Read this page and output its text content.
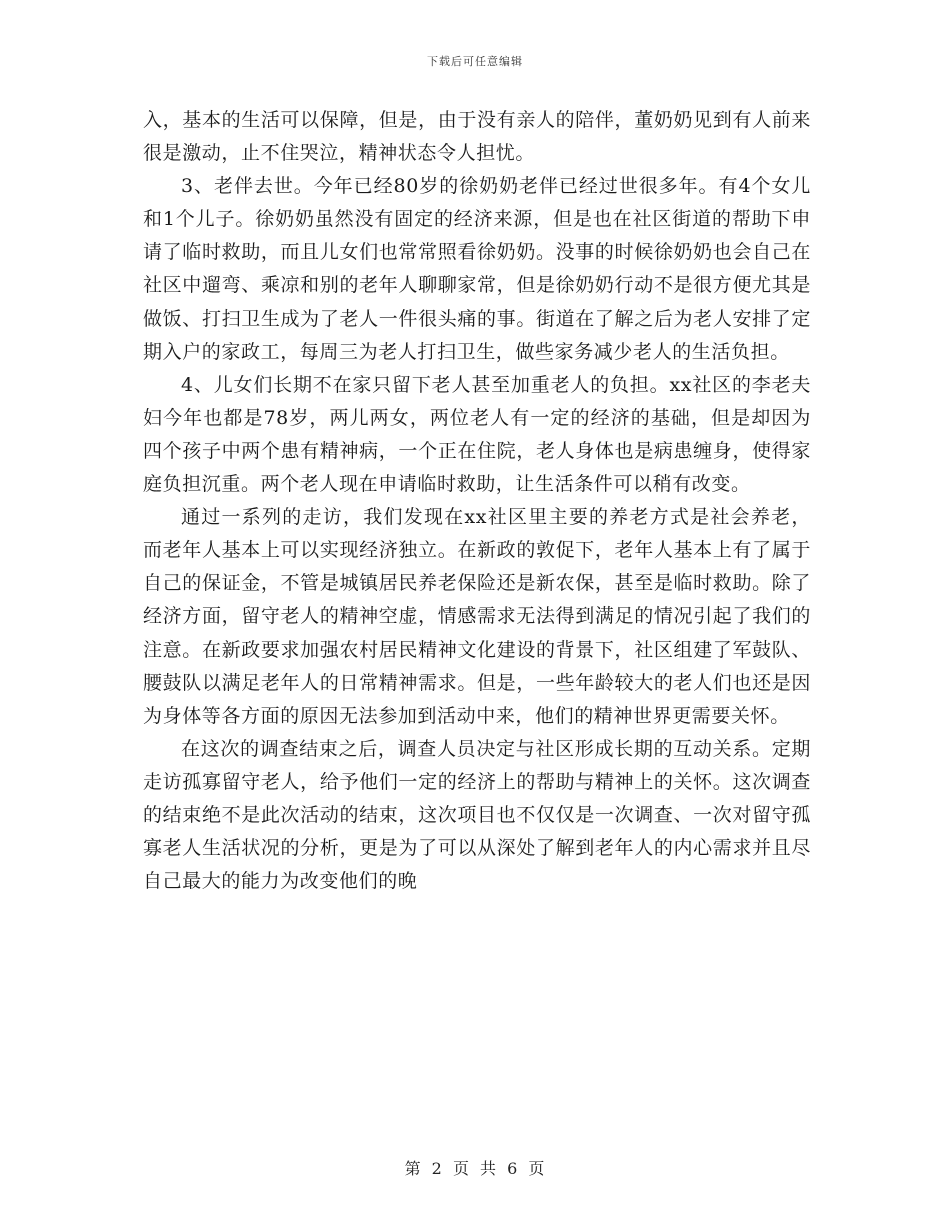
下载后可任意编辑

入，基本的生活可以保障，但是，由于没有亲人的陪伴，董奶奶见到有人前来很是激动，止不住哭泣，精神状态令人担忧。

3、老伴去世。今年已经80岁的徐奶奶老伴已经过世很多年。有4个女儿和1个儿子。徐奶奶虽然没有固定的经济来源，但是也在社区街道的帮助下申请了临时救助，而且儿女们也常常照看徐奶奶。没事的时候徐奶奶也会自己在社区中遛弯、乘凉和别的老年人聊聊家常，但是徐奶奶行动不是很方便尤其是做饭、打扫卫生成为了老人一件很头痛的事。街道在了解之后为老人安排了定期入户的家政工，每周三为老人打扫卫生，做些家务减少老人的生活负担。

4、儿女们长期不在家只留下老人甚至加重老人的负担。xx社区的李老夫妇今年也都是78岁，两儿两女，两位老人有一定的经济的基础，但是却因为四个孩子中两个患有精神病，一个正在住院，老人身体也是病患缠身，使得家庭负担沉重。两个老人现在申请临时救助，让生活条件可以稍有改变。

通过一系列的走访，我们发现在xx社区里主要的养老方式是社会养老，而老年人基本上可以实现经济独立。在新政的敦促下，老年人基本上有了属于自己的保证金，不管是城镇居民养老保险还是新农保，甚至是临时救助。除了经济方面，留守老人的精神空虚，情感需求无法得到满足的情况引起了我们的注意。在新政要求加强农村居民精神文化建设的背景下，社区组建了军鼓队、腰鼓队以满足老年人的日常精神需求。但是，一些年龄较大的老人们也还是因为身体等各方面的原因无法参加到活动中来，他们的精神世界更需要关怀。

在这次的调查结束之后，调查人员决定与社区形成长期的互动关系。定期走访孤寡留守老人，给予他们一定的经济上的帮助与精神上的关怀。这次调查的结束绝不是此次活动的结束，这次项目也不仅仅是一次调查、一次对留守孤寡老人生活状况的分析，更是为了可以从深处了解到老年人的内心需求并且尽自己最大的能力为改变他们的晚

第 2 页 共 6 页
